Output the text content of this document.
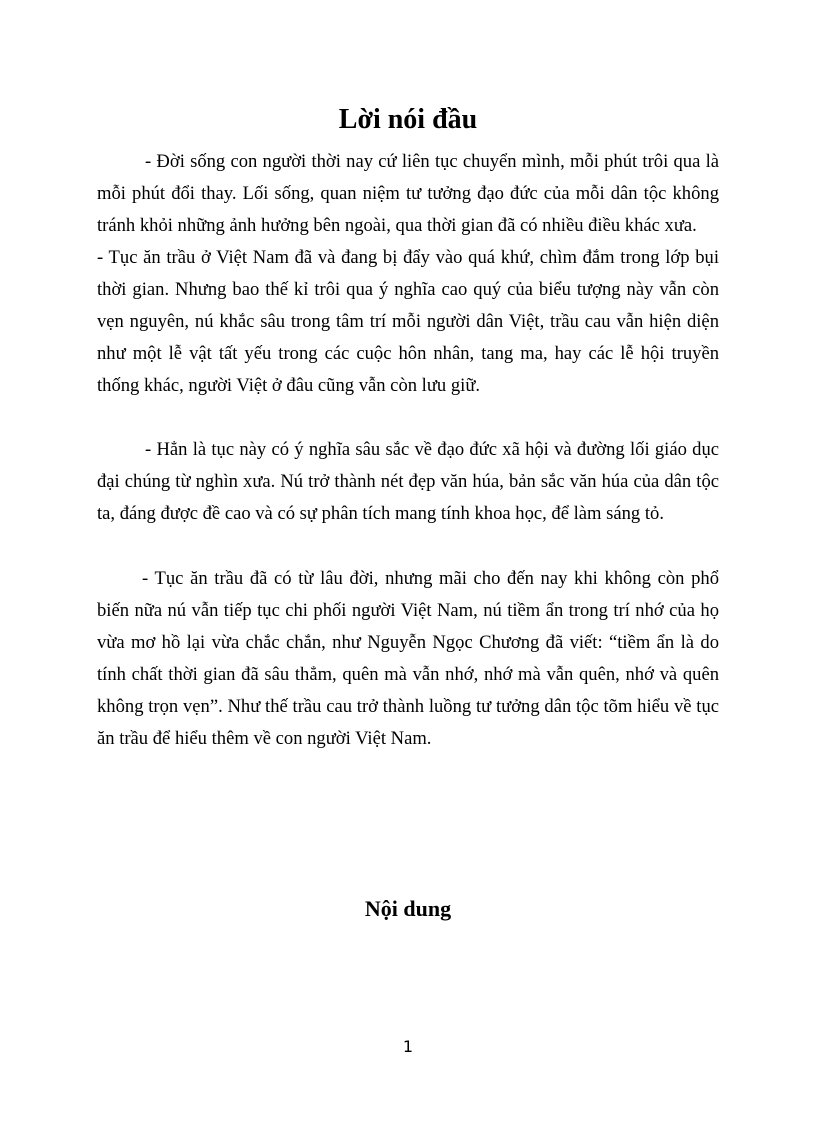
Lời nói đầu

- Đời sống con người thời nay cứ liên tục chuyển mình, mỗi phút trôi qua là mỗi phút đổi thay. Lối sống, quan niệm tư tưởng đạo đức của mỗi dân tộc không tránh khỏi những ảnh hưởng bên ngoài, qua thời gian đã có nhiều điều khác xưa.

- Tục ăn trầu ở Việt Nam đã và đang bị đẩy vào quá khứ, chìm đắm trong lớp bụi thời gian. Nhưng bao thế kỉ trôi qua ý nghĩa cao quý của biểu tượng này vẫn còn vẹn nguyên, nú khắc sâu trong tâm trí mỗi người dân Việt, trầu cau vẫn hiện diện như một lễ vật tất yếu trong các cuộc hôn nhân, tang ma, hay các lễ hội truyền thống khác, người Việt ở đâu cũng vẫn còn lưu giữ.

- Hẳn là tục này có ý nghĩa sâu sắc về đạo đức xã hội và đường lối giáo dục đại chúng từ nghìn xưa. Nú trở thành nét đẹp văn húa, bản sắc văn húa của dân tộc ta, đáng được đề cao và có sự phân tích mang tính khoa học, để làm sáng tỏ.

- Tục ăn trầu đã có từ lâu đời, nhưng mãi cho đến nay khi không còn phổ biến nữa nú vẫn tiếp tục chi phối người Việt Nam, nú tiềm ẩn trong trí nhớ của họ vừa mơ hồ lại vừa chắc chắn, như Nguyễn Ngọc Chương đã viết: “tiềm ẩn là do tính chất thời gian đã sâu thẳm, quên mà vẫn nhớ, nhớ mà vẫn quên, nhớ và quên không trọn vẹn”. Như thế trầu cau trở thành luồng tư tưởng dân tộc tõm hiểu về tục ăn trầu để hiểu thêm về con người Việt Nam.

Nội dung
1
